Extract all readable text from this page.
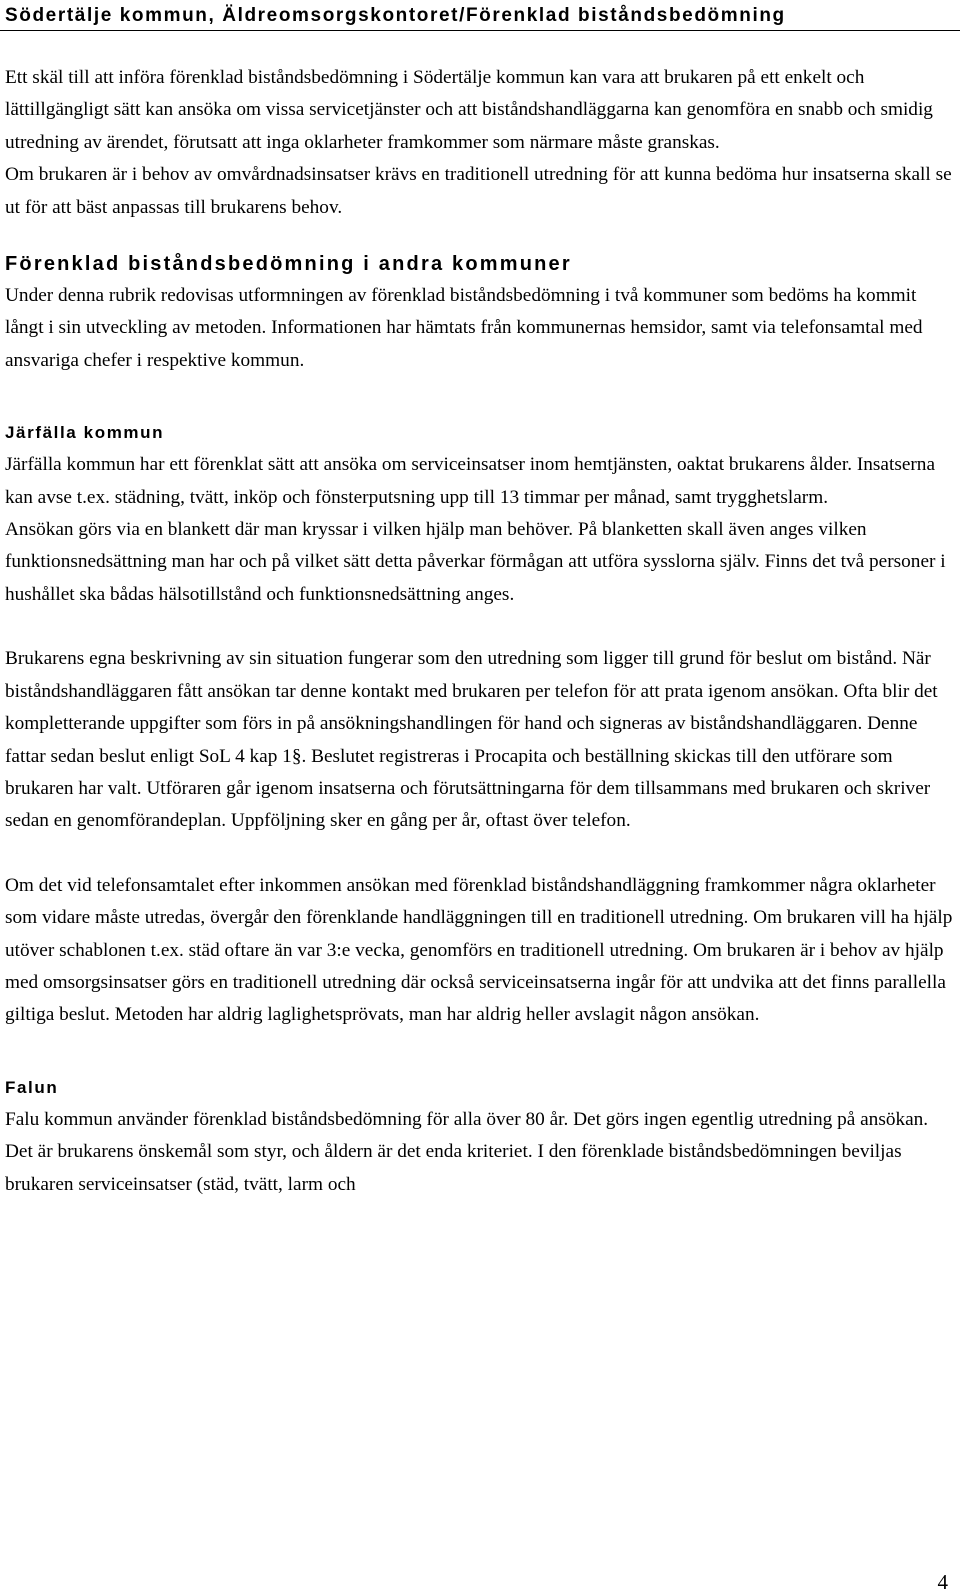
Södertälje kommun, Äldreomsorgskontoret/Förenklad biståndsbedömning

Ett skäl till att införa förenklad biståndsbedömning i Södertälje kommun kan vara att brukaren på ett enkelt och lättillgängligt sätt kan ansöka om vissa servicetjänster och att biståndshandläggarna kan genomföra en snabb och smidig utredning av ärendet, förutsatt att inga oklarheter framkommer som närmare måste granskas.

Om brukaren är i behov av omvårdnadsinsatser krävs en traditionell utredning för att kunna bedöma hur insatserna skall se ut för att bäst anpassas till brukarens behov.

Förenklad biståndsbedömning i andra kommuner

Under denna rubrik redovisas utformningen av förenklad biståndsbedömning i två kommuner som bedöms ha kommit långt i sin utveckling av metoden. Informationen har hämtats från kommunernas hemsidor, samt via telefonsamtal med ansvariga chefer i respektive kommun.

Järfälla kommun

Järfälla kommun har ett förenklat sätt att ansöka om serviceinsatser inom hemtjänsten, oaktat brukarens ålder. Insatserna kan avse t.ex. städning, tvätt, inköp och fönsterputsning upp till 13 timmar per månad, samt trygghetslarm.

Ansökan görs via en blankett där man kryssar i vilken hjälp man behöver. På blanketten skall även anges vilken funktionsnedsättning man har och på vilket sätt detta påverkar förmågan att utföra sysslorna själv. Finns det två personer i hushållet ska bådas hälsotillstånd och funktionsnedsättning anges.

Brukarens egna beskrivning av sin situation fungerar som den utredning som ligger till grund för beslut om bistånd. När biståndshandläggaren fått ansökan tar denne kontakt med brukaren per telefon för att prata igenom ansökan. Ofta blir det kompletterande uppgifter som förs in på ansökningshandlingen för hand och signeras av biståndshandläggaren. Denne fattar sedan beslut enligt SoL 4 kap 1§. Beslutet registreras i Procapita och beställning skickas till den utförare som brukaren har valt. Utföraren går igenom insatserna och förutsättningarna för dem tillsammans med brukaren och skriver sedan en genomförandeplan. Uppföljning sker en gång per år, oftast över telefon.

Om det vid telefonsamtalet efter inkommen ansökan med förenklad biståndshandläggning framkommer några oklarheter som vidare måste utredas, övergår den förenklande handläggningen till en traditionell utredning. Om brukaren vill ha hjälp utöver schablonen t.ex. städ oftare än var 3:e vecka, genomförs en traditionell utredning. Om brukaren är i behov av hjälp med omsorgsinsatser görs en traditionell utredning där också serviceinsatserna ingår för att undvika att det finns parallella giltiga beslut. Metoden har aldrig laglighetsprövats, man har aldrig heller avslagit någon ansökan.

Falun

Falu kommun använder förenklad biståndsbedömning för alla över 80 år. Det görs ingen egentlig utredning på ansökan. Det är brukarens önskemål som styr, och åldern är det enda kriteriet. I den förenklade biståndsbedömningen beviljas brukaren serviceinsatser (städ, tvätt, larm och

4
